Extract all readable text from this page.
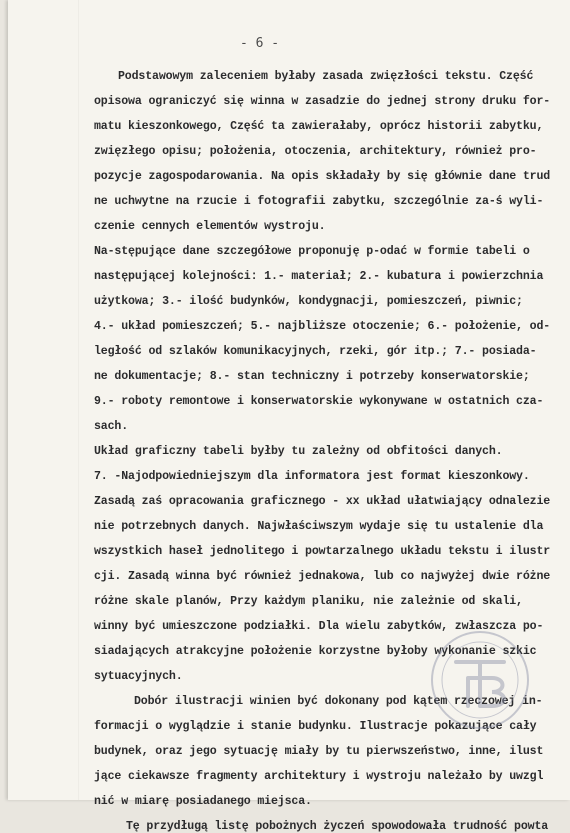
- 6 -
Podstawowym zaleceniem byłaby zasada zwięzłości tekstu. Część
opisowa ograniczyć się winna w zasadzie do jednej strony druku for-
matu kieszonkowego, Część ta zawierałaby, oprócz historii zabytku,
zwięzłego opisu; położenia, otoczenia, architektury, również pro-
pozycje zagospodarowania. Na opis składały by się głównie dane trud
ne uchwytne na rzucie i fotografii zabytku, szczególnie za-ś wyli-
czenie cennych elementów wystroju.
Na-stępujące dane szczegółowe proponuję p-odać w formie tabeli o
następującej kolejności: 1.- materiał; 2.- kubatura i powierzchnia
użytkowa; 3.- ilość budynków, kondygnacji, pomieszczeń, piwnic;
4.- układ pomieszczeń; 5.- najbliższe otoczenie; 6.- położenie, od-
ległość od szlaków komunikacyjnych, rzeki, gór itp.; 7.- posiada-
ne dokumentacje; 8.- stan techniczny i potrzeby konserwatorskie;
9.- roboty remontowe i konserwatorskie wykonywane w ostatnich cza-
sach.
Układ graficzny tabeli byłby tu zależny od obfitości danych.
7. -Najodpowiedniejszym dla informatora jest format kieszonkowy.
Zasadą zaś opracowania graficznego - xx układ ułatwiający odnalezie
nie potrzebnych danych. Najwłaściwszym wydaje się tu ustalenie dla
wszystkich haseł jednolitego i powtarzalnego układu tekstu i ilustr
cji. Zasadą winna być również jednakowa, lub co najwyżej dwie różne
różne skale planów, Przy każdym planiku, nie zależnie od skali,
winny być umieszczone podziałki. Dla wielu zabytków, zwłaszcza po-
siadających atrakcyjne położenie korzystne byłoby wykonanie szkic
sytuacyjnych.
Dobór ilustracji winien być dokonany pod kątem rzeczowej in-
formacji o wyglądzie i stanie budynku. Ilustracje pokazujące cały
budynek, oraz jego sytuację miały by tu pierwszeństwo, inne, ilust
jące ciekawsze fragmenty architektury i wystroju należało by uwzgl
nić w miarę posiadanego miejsca.
Tę przydługą listę pobożnych życzeń spowodowała trudność powta
